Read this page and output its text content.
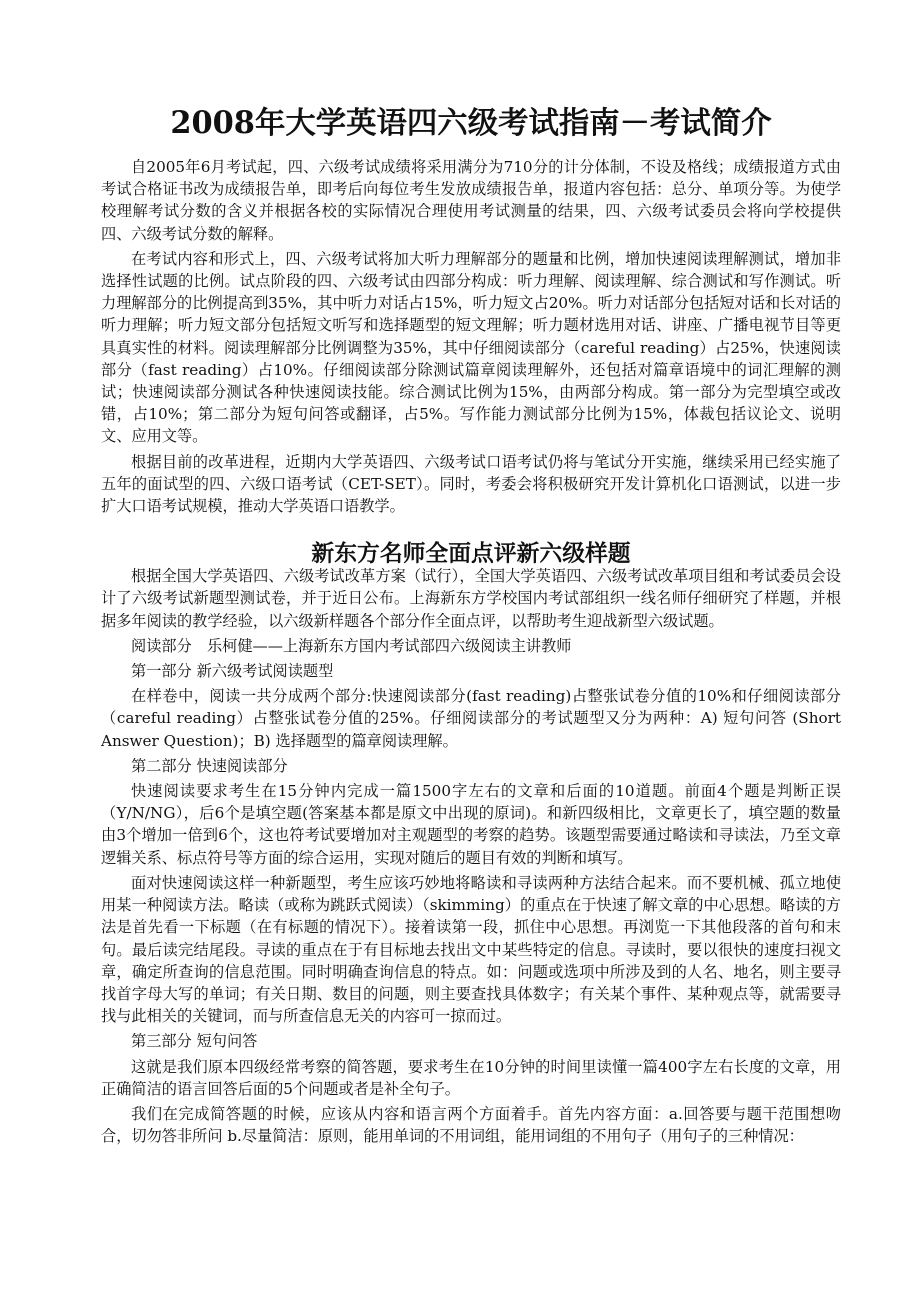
2008年大学英语四六级考试指南－考试简介

自2005年6月考试起，四、六级考试成绩将采用满分为710分的计分体制，不设及格线；成绩报道方式由考试合格证书改为成绩报告单，即考后向每位考生发放成绩报告单，报道内容包括：总分、单项分等。为使学校理解考试分数的含义并根据各校的实际情况合理使用考试测量的结果，四、六级考试委员会将向学校提供四、六级考试分数的解释。

在考试内容和形式上，四、六级考试将加大听力理解部分的题量和比例，增加快速阅读理解测试，增加非选择性试题的比例。试点阶段的四、六级考试由四部分构成：听力理解、阅读理解、综合测试和写作测试。听力理解部分的比例提高到35%，其中听力对话占15%，听力短文占20%。听力对话部分包括短对话和长对话的听力理解；听力短文部分包括短文听写和选择题型的短文理解；听力题材选用对话、讲座、广播电视节目等更具真实性的材料。阅读理解部分比例调整为35%，其中仔细阅读部分（careful reading）占25%，快速阅读部分（fast reading）占10%。仔细阅读部分除测试篇章阅读理解外，还包括对篇章语境中的词汇理解的测试；快速阅读部分测试各种快速阅读技能。综合测试比例为15%，由两部分构成。第一部分为完型填空或改错，占10%；第二部分为短句问答或翻译，占5%。写作能力测试部分比例为15%，体裁包括议论文、说明文、应用文等。

根据目前的改革进程，近期内大学英语四、六级考试口语考试仍将与笔试分开实施，继续采用已经实施了五年的面试型的四、六级口语考试（CET-SET）。同时，考委会将积极研究开发计算机化口语测试，以进一步扩大口语考试规模，推动大学英语口语教学。

新东方名师全面点评新六级样题

根据全国大学英语四、六级考试改革方案（试行），全国大学英语四、六级考试改革项目组和考试委员会设计了六级考试新题型测试卷，并于近日公布。上海新东方学校国内考试部组织一线名师仔细研究了样题，并根据多年阅读的教学经验，以六级新样题各个部分作全面点评，以帮助考生迎战新型六级试题。

阅读部分　乐柯健——上海新东方国内考试部四六级阅读主讲教师

第一部分 新六级考试阅读题型

在样卷中，阅读一共分成两个部分:快速阅读部分(fast reading)占整张试卷分值的10%和仔细阅读部分（careful reading）占整张试卷分值的25%。仔细阅读部分的考试题型又分为两种：A) 短句问答 (Short Answer Question)；B) 选择题型的篇章阅读理解。

第二部分 快速阅读部分

快速阅读要求考生在15分钟内完成一篇1500字左右的文章和后面的10道题。前面4个题是判断正误（Y/N/NG），后6个是填空题(答案基本都是原文中出现的原词)。和新四级相比，文章更长了，填空题的数量由3个增加一倍到6个，这也符考试要增加对主观题型的考察的趋势。该题型需要通过略读和寻读法，乃至文章逻辑关系、标点符号等方面的综合运用，实现对随后的题目有效的判断和填写。

面对快速阅读这样一种新题型，考生应该巧妙地将略读和寻读两种方法结合起来。而不要机械、孤立地使用某一种阅读方法。略读（或称为跳跃式阅读）（skimming）的重点在于快速了解文章的中心思想。略读的方法是首先看一下标题（在有标题的情况下）。接着读第一段，抓住中心思想。再浏览一下其他段落的首句和末句。最后读完结尾段。寻读的重点在于有目标地去找出文中某些特定的信息。寻读时，要以很快的速度扫视文章，确定所查询的信息范围。同时明确查询信息的特点。如：问题或选项中所涉及到的人名、地名，则主要寻找首字母大写的单词；有关日期、数目的问题，则主要查找具体数字；有关某个事件、某种观点等，就需要寻找与此相关的关键词，而与所查信息无关的内容可一掠而过。

第三部分 短句问答

这就是我们原本四级经常考察的简答题，要求考生在10分钟的时间里读懂一篇400字左右长度的文章，用正确简洁的语言回答后面的5个问题或者是补全句子。

我们在完成简答题的时候，应该从内容和语言两个方面着手。首先内容方面：a.回答要与题干范围想吻合，切勿答非所问 b.尽量简洁：原则，能用单词的不用词组，能用词组的不用句子（用句子的三种情况：
